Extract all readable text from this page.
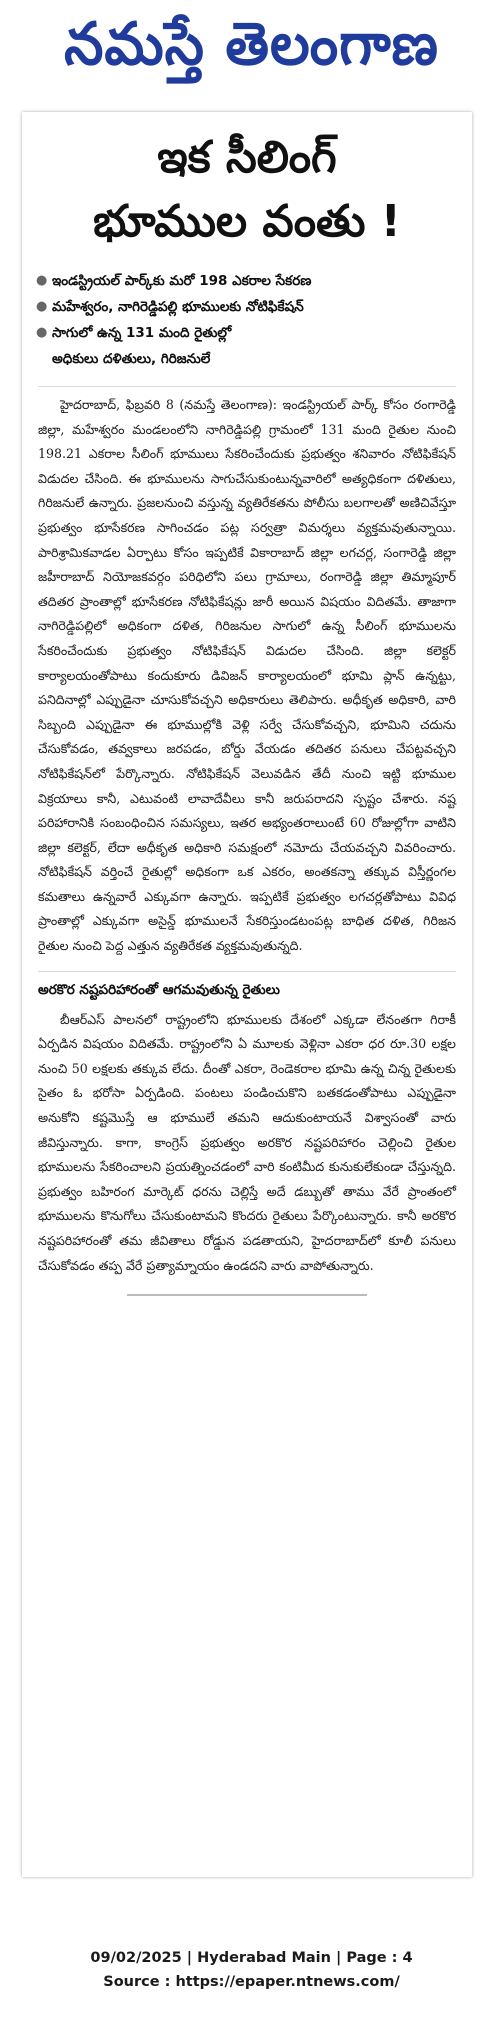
నమస్తే తెలంగాణ
ఇక సీలింగ్
భూముల వంతు !
● ఇండస్ట్రియల్ పార్క్‌కు మరో 198 ఎకరాల సేకరణ
● మహేశ్వరం, నాగిరెడ్డిపల్లి భూములకు నోటిఫికేషన్
● సాగులో ఉన్న 131 మంది రైతుల్లో
అధికులు దళితులు, గిరిజనులే

హైదరాబాద్, ఫిబ్రవరి 8 (నమస్తే తెలంగాణ): ఇండస్ట్రియల్ పార్క్ కోసం రంగారెడ్డి జిల్లా, మహేశ్వరం మండలంలోని నాగిరెడ్డిపల్లి గ్రామంలో 131 మంది రైతుల నుంచి 198.21 ఎకరాల సీలింగ్ భూములు సేకరించేందుకు ప్రభుత్వం శనివారం నోటిఫికేషన్ విడుదల చేసింది. ఈ భూములను సాగుచేసుకుంటున్నవారిలో అత్యధికంగా దళితులు, గిరిజనులే ఉన్నారు. ప్రజలనుంచి వస్తున్న వ్యతిరేకతను పోలీసు బలగాలతో అణిచివేస్తూ ప్రభుత్వం భూసేకరణ సాగించడం పట్ల సర్వత్రా విమర్శలు వ్యక్తమవుతున్నాయి. పారిశ్రామికవాడల ఏర్పాటు కోసం ఇప్పటికే వికారాబాద్ జిల్లా లగచర్ల, సంగారెడ్డి జిల్లా జహీరాబాద్ నియోజకవర్గం పరిధిలోని పలు గ్రామాలు, రంగారెడ్డి జిల్లా తిమ్మాపూర్ తదితర ప్రాంతాల్లో భూసేకరణ నోటిఫికేషన్లు జారీ అయిన విషయం విదితమే. తాజాగా నాగిరెడ్డిపల్లిలో అధికంగా దళిత, గిరిజనుల సాగులో ఉన్న సీలింగ్ భూములను సేకరించేందుకు ప్రభుత్వం నోటిఫికేషన్ విడుదల చేసింది. జిల్లా కలెక్టర్ కార్యాలయంతోపాటు కందుకూరు డివిజన్ కార్యాలయంలో భూమి ప్లాన్ ఉన్నట్టు, పనిదినాల్లో ఎప్పుడైనా చూసుకోవచ్చని అధికారులు తెలిపారు. అధీకృత అధికారి, వారి సిబ్బంది ఎప్పుడైనా ఈ భూముల్లోకి వెళ్లి సర్వే చేసుకోవచ్చని, భూమిని చదును చేసుకోవడం, తవ్వకాలు జరపడం, బోర్డు వేయడం తదితర పనులు చేపట్టవచ్చని నోటిఫికేషన్‌లో పేర్కొన్నారు. నోటిఫికేషన్ వెలువడిన తేదీ నుంచి ఇట్టి భూముల విక్రయాలు కానీ, ఎటువంటి లావాదేవీలు కానీ జరుపరాదని స్పష్టం చేశారు. నష్ట పరిహారానికి సంబంధించిన సమస్యలు, ఇతర అభ్యంతరాలుంటే 60 రోజుల్లోగా వాటిని జిల్లా కలెక్టర్, లేదా అధీకృత అధికారి సమక్షంలో నమోదు చేయవచ్చని వివరించారు. నోటిఫికేషన్ వర్తించే రైతుల్లో అధికంగా ఒక ఎకరం, అంతకన్నా తక్కువ విస్తీర్ణంగల కమతాలు ఉన్నవారే ఎక్కువగా ఉన్నారు. ఇప్పటికే ప్రభుత్వం లగచర్లతోపాటు వివిధ ప్రాంతాల్లో ఎక్కువగా అసైన్డ్ భూములనే సేకరిస్తుండటంపట్ల బాధిత దళిత, గిరిజన రైతుల నుంచి పెద్ద ఎత్తున వ్యతిరేకత వ్యక్తమవుతున్నది.

అరకొర నష్టపరిహారంతో ఆగమవుతున్న రైతులు

బీఆర్ఎస్ పాలనలో రాష్ట్రంలోని భూములకు దేశంలో ఎక్కడా లేనంతగా గిరాకీ ఏర్పడిన విషయం విదితమే. రాష్ట్రంలోని ఏ మూలకు వెళ్లినా ఎకరా ధర రూ.30 లక్షల నుంచి 50 లక్షలకు తక్కువ లేదు. దీంతో ఎకరా, రెండెకరాల భూమి ఉన్న చిన్న రైతులకు సైతం ఓ భరోసా ఏర్పడింది. పంటలు పండించుకొని బతకడంతోపాటు ఎప్పుడైనా అనుకోని కష్టమొస్తే ఆ భూములే తమని ఆదుకుంటాయనే విశ్వాసంతో వారు జీవిస్తున్నారు. కాగా, కాంగ్రెస్ ప్రభుత్వం అరకొర నష్టపరిహారం చెల్లించి రైతుల భూములను సేకరించాలని ప్రయత్నించడంలో వారి కంటిమీద కునుకులేకుండా చేస్తున్నది. ప్రభుత్వం బహిరంగ మార్కెట్ ధరను చెల్లిస్తే అదే డబ్బుతో తాము వేరే ప్రాంతంలో భూములను కొనుగోలు చేసుకుంటామని కొందరు రైతులు పేర్కొంటున్నారు. కానీ అరకొర నష్టపరిహారంతో తమ జీవితాలు రోడ్డున పడతాయని, హైదరాబాద్‌లో కూలీ పనులు చేసుకోవడం తప్ప వేరే ప్రత్యామ్నాయం ఉండదని వారు వాపోతున్నారు.

09/02/2025 | Hyderabad Main | Page : 4
Source : https://epaper.ntnews.com/
